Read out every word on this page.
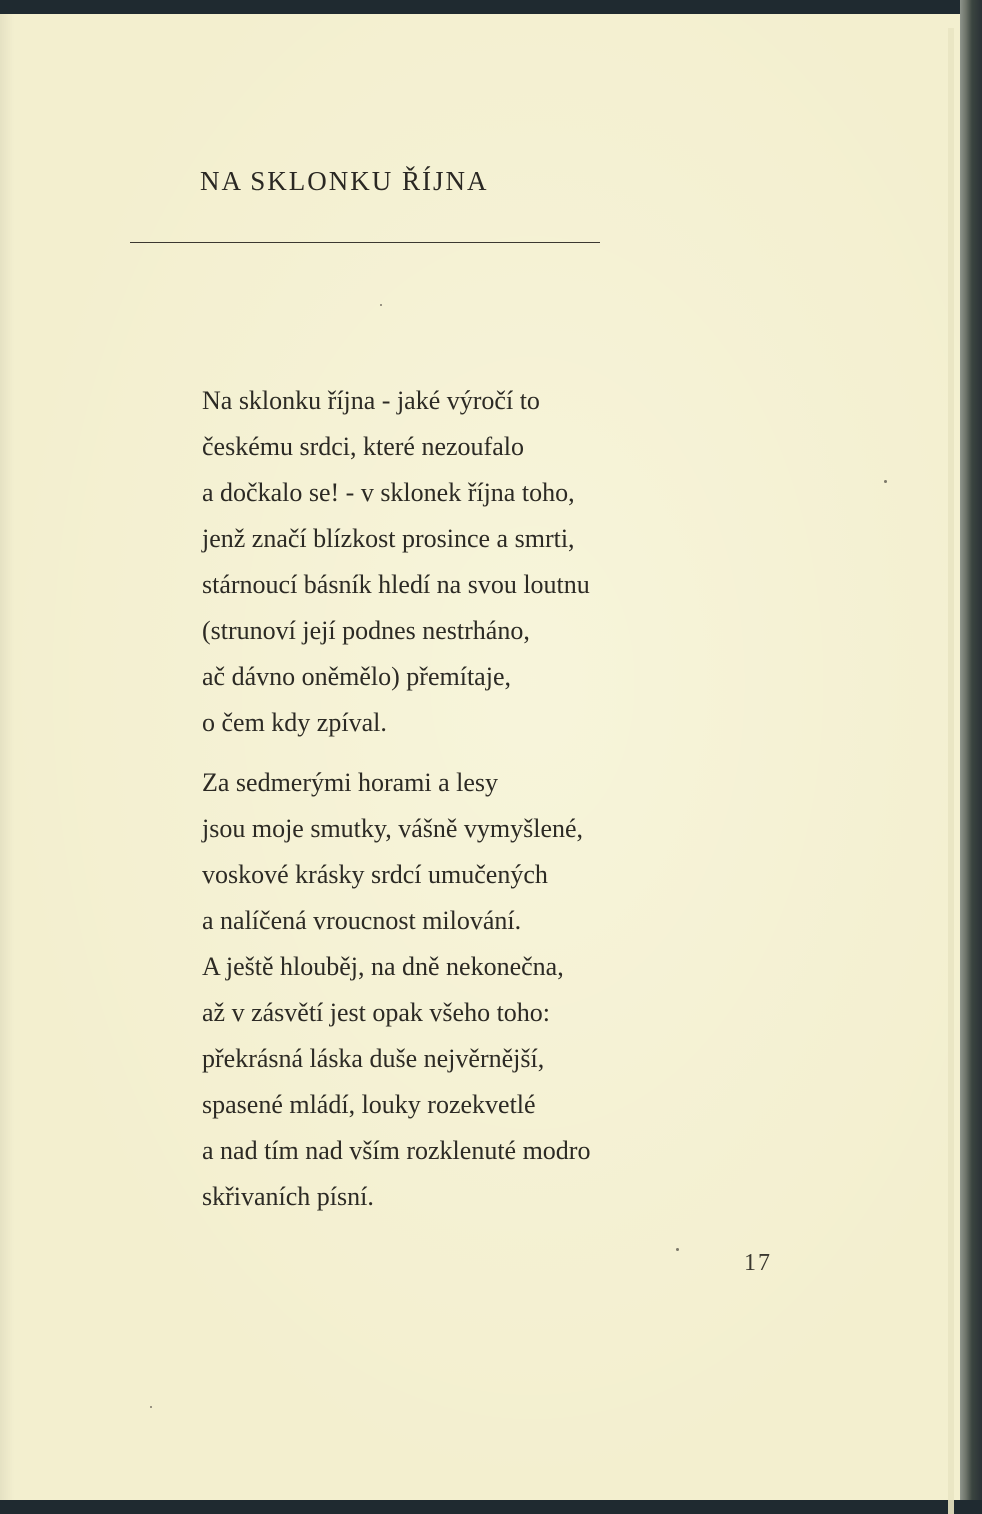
NA SKLONKU ŘÍJNA
Na sklonku října - jaké výročí to
českému srdci, které nezoufalo
a dočkalo se! - v sklonek října toho,
jenž značí blízkost prosince a smrti,
stárnoucí básník hledí na svou loutnu
(strunoví její podnes nestrháno,
ač dávno oněmělo) přemítaje,
o čem kdy zpíval.
Za sedmerými horami a lesy
jsou moje smutky, vášně vymyšlené,
voskové krásky srdcí umučených
a nalíčená vroucnost milování.
A ještě hlouběj, na dně nekonečna,
až v zásvětí jest opak všeho toho:
překrásná láska duše nejvěrnější,
spasené mládí, louky rozekvetlé
a nad tím nad vším rozklenuté modro
skřivaních písní.
17
